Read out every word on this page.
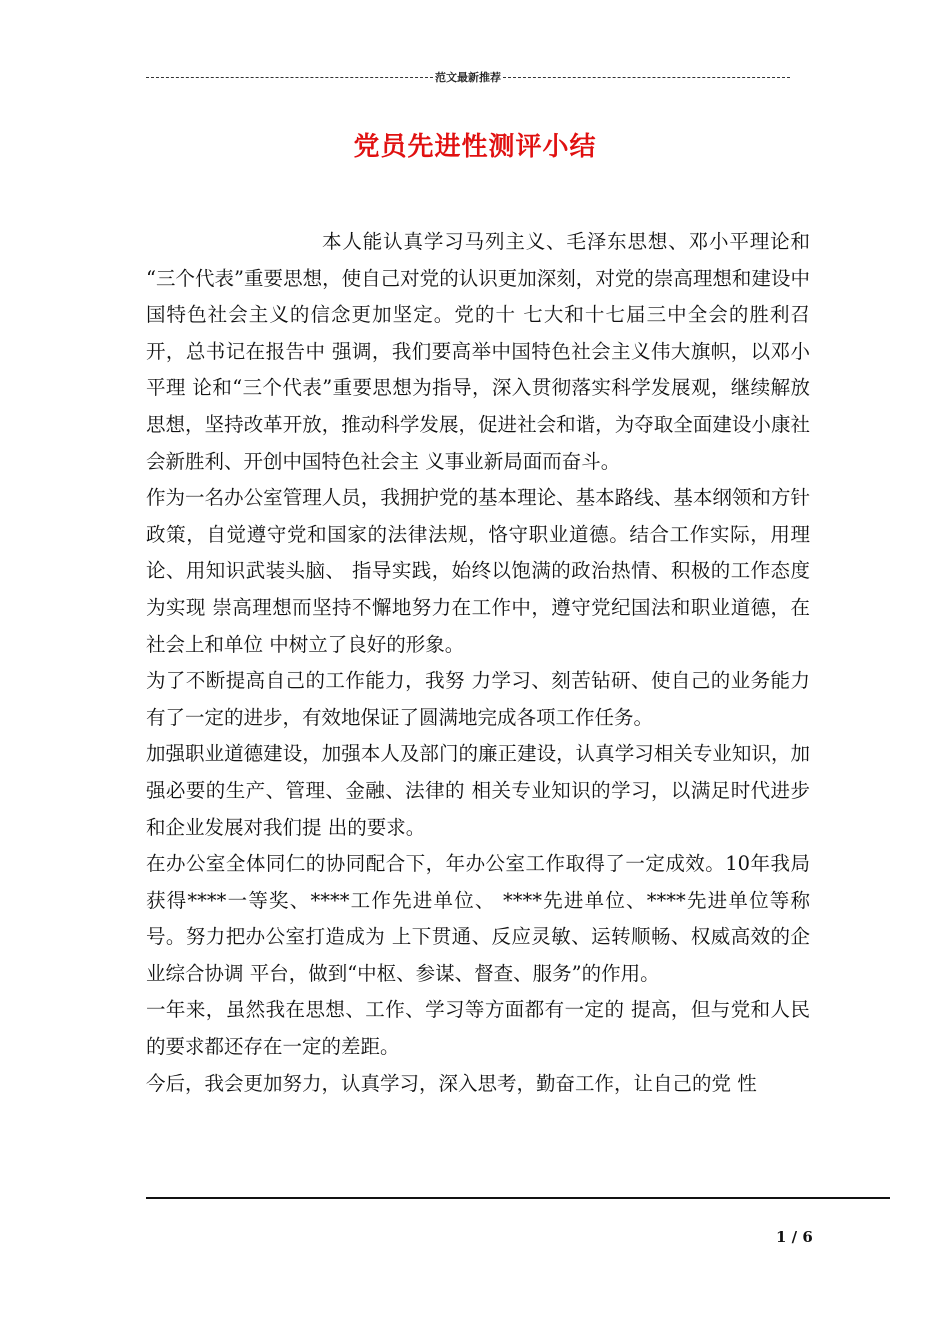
范文最新推荐
党员先进性测评小结

本人能认真学习马列主义、毛泽东思想、邓小平理论和 “三个代表”重要思想，使自己对党的认识更加深刻，对党的崇高理想和建设中国特色社会主义的信念更加坚定。党的十 七大和十七届三中全会的胜利召开，总书记在报告中 强调，我们要高举中国特色社会主义伟大旗帜，以邓小平理 论和“三个代表”重要思想为指导，深入贯彻落实科学发展观，继续解放思想，坚持改革开放，推动科学发展，促进社会和谐，为夺取全面建设小康社会新胜利、开创中国特色社会主 义事业新局面而奋斗。

作为一名办公室管理人员，我拥护党的基本理论、基本路线、基本纲领和方针政策，自觉遵守党和国家的法律法规，恪守职业道德。结合工作实际，用理论、用知识武装头脑、 指导实践，始终以饱满的政治热情、积极的工作态度为实现 崇高理想而坚持不懈地努力在工作中，遵守党纪国法和职业道德，在社会上和单位 中树立了良好的形象。

为了不断提高自己的工作能力，我努 力学习、刻苦钻研、使自己的业务能力有了一定的进步，有效地保证了圆满地完成各项工作任务。

加强职业道德建设，加强本人及部门的廉正建设，认真学习相关专业知识，加强必要的生产、管理、金融、法律的 相关专业知识的学习，以满足时代进步和企业发展对我们提 出的要求。

在办公室全体同仁的协同配合下，年办公室工作取得了一定成效。10年我局获得****一等奖、****工作先进单位、 ****先进单位、****先进单位等称号。努力把办公室打造成为 上下贯通、反应灵敏、运转顺畅、权威高效的企业综合协调 平台，做到“中枢、参谋、督查、服务”的作用。

一年来，虽然我在思想、工作、学习等方面都有一定的 提高，但与党和人民的要求都还存在一定的差距。

今后，我会更加努力，认真学习，深入思考，勤奋工作，让自己的党 性

1 / 6
